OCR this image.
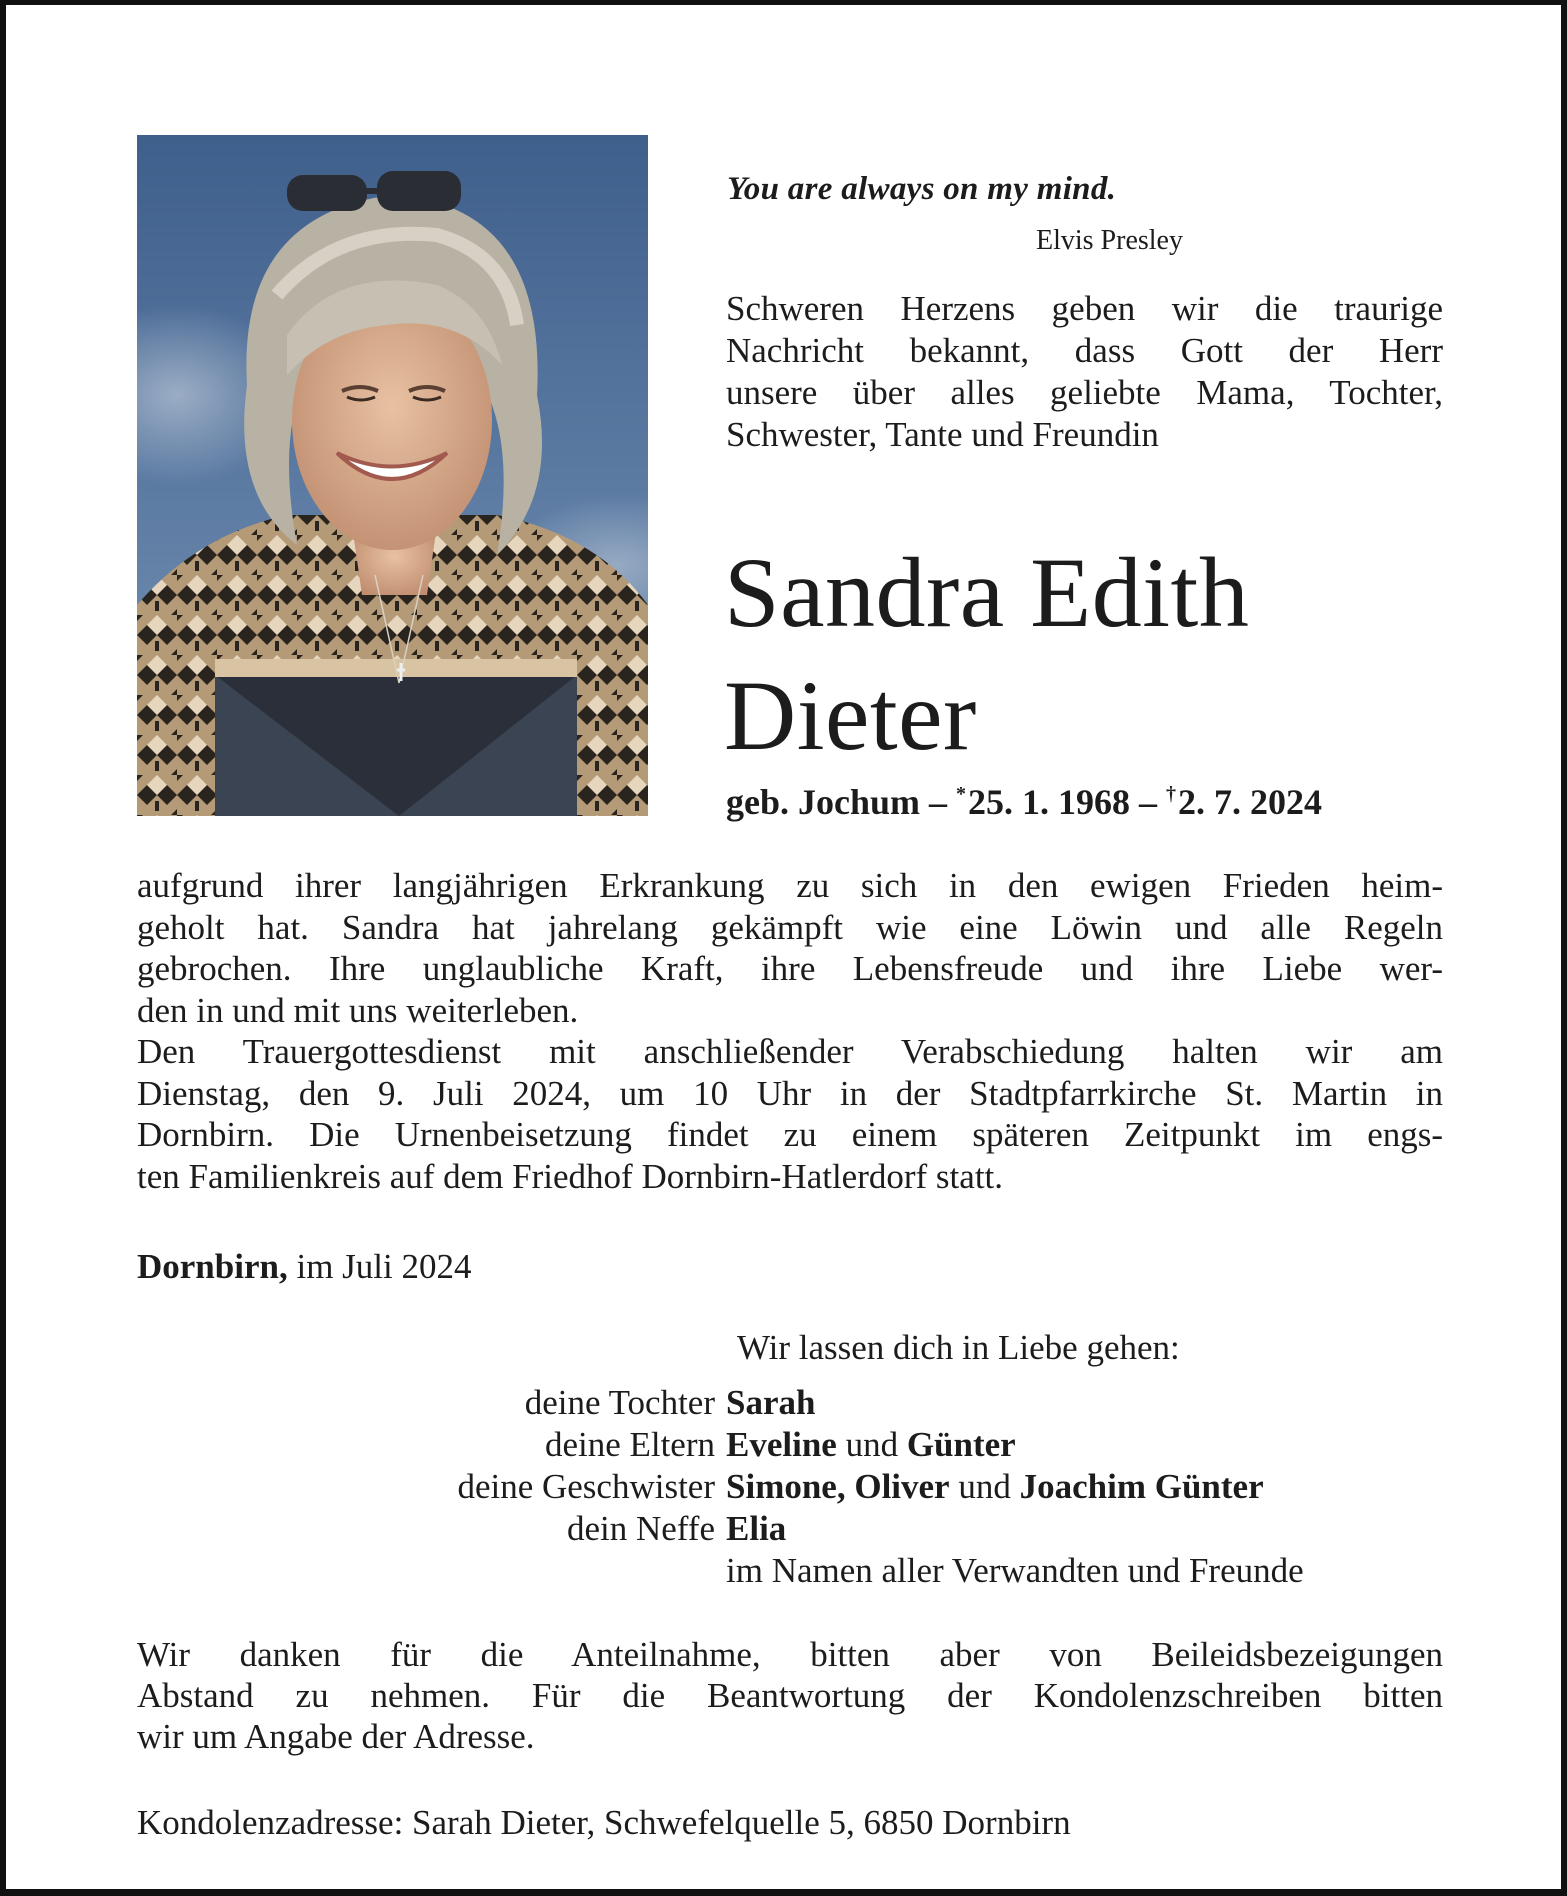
You are always on my mind.
Elvis Presley
Schweren Herzens geben wir die traurige
Nachricht bekannt, dass Gott der Herr
unsere über alles geliebte Mama, Tochter,
Schwester, Tante und Freundin
Sandra Edith
Dieter
geb. Jochum – *25. 1. 1968 – †2. 7. 2024
aufgrund ihrer langjährigen Erkrankung zu sich in den ewigen Frieden heim-
geholt hat. Sandra hat jahrelang gekämpft wie eine Löwin und alle Regeln
gebrochen. Ihre unglaubliche Kraft, ihre Lebensfreude und ihre Liebe wer-
den in und mit uns weiterleben.
Den Trauergottesdienst mit anschließender Verabschiedung halten wir am
Dienstag, den 9. Juli 2024, um 10 Uhr in der Stadtpfarrkirche St. Martin in
Dornbirn. Die Urnenbeisetzung findet zu einem späteren Zeitpunkt im engs-
ten Familienkreis auf dem Friedhof Dornbirn-Hatlerdorf statt.
Dornbirn, im Juli 2024
Wir lassen dich in Liebe gehen:
deine Tochter Sarah
deine Eltern Eveline und Günter
deine Geschwister Simone, Oliver und Joachim Günter
dein Neffe Elia
im Namen aller Verwandten und Freunde
Wir danken für die Anteilnahme, bitten aber von Beileidsbezeigungen
Abstand zu nehmen. Für die Beantwortung der Kondolenzschreiben bitten
wir um Angabe der Adresse.
Kondolenzadresse: Sarah Dieter, Schwefelquelle 5, 6850 Dornbirn
